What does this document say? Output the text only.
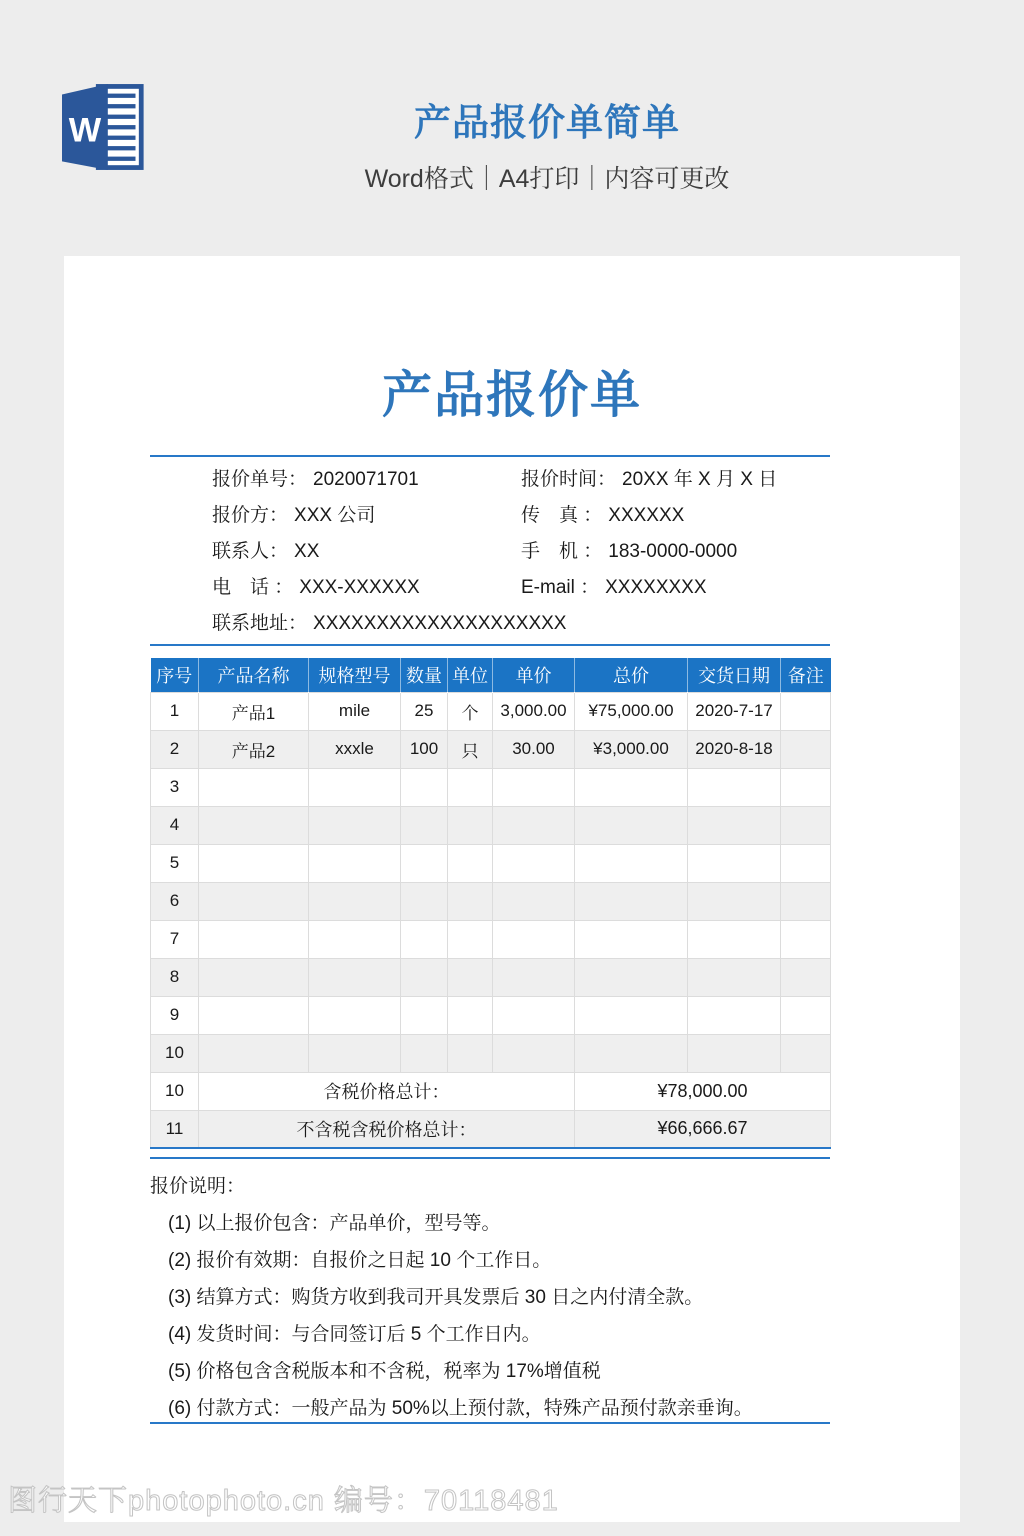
W	产品报价单简单
Word格式｜A4打印｜内容可更改
产品报价单
报价单号： 2020071701	报价时间： 20XX 年 X 月 X 日
报价方： XXX 公司	传　真 ： XXXXXX
联系人： XX	手　机 ： 183-0000-0000
电　话 ： XXX-XXXXXX	E-mail ： XXXXXXXX
联系地址： XXXXXXXXXXXXXXXXXXXX
序号	产品名称	规格型号	数量	单位	单价	总价	交货日期	备注
1	产品1	mile	25	个	3,000.00	¥75,000.00	2020-7-17	
2	产品2	xxxle	100	只	30.00	¥3,000.00	2020-8-18	
3								
4								
5								
6								
7								
8								
9								
10								
10	含税价格总计：					¥78,000.00		
11	不含税含税价格总计：					¥66,666.67		
报价说明：
(1) 以上报价包含：产品单价，型号等。
(2) 报价有效期：自报价之日起 10 个工作日。
(3) 结算方式：购货方收到我司开具发票后 30 日之内付清全款。
(4) 发货时间：与合同签订后 5 个工作日内。
(5) 价格包含含税版本和不含税，税率为 17%增值税
(6) 付款方式：一般产品为 50%以上预付款，特殊产品预付款亲垂询。
图行天下photophoto.cn 编号：70118481
